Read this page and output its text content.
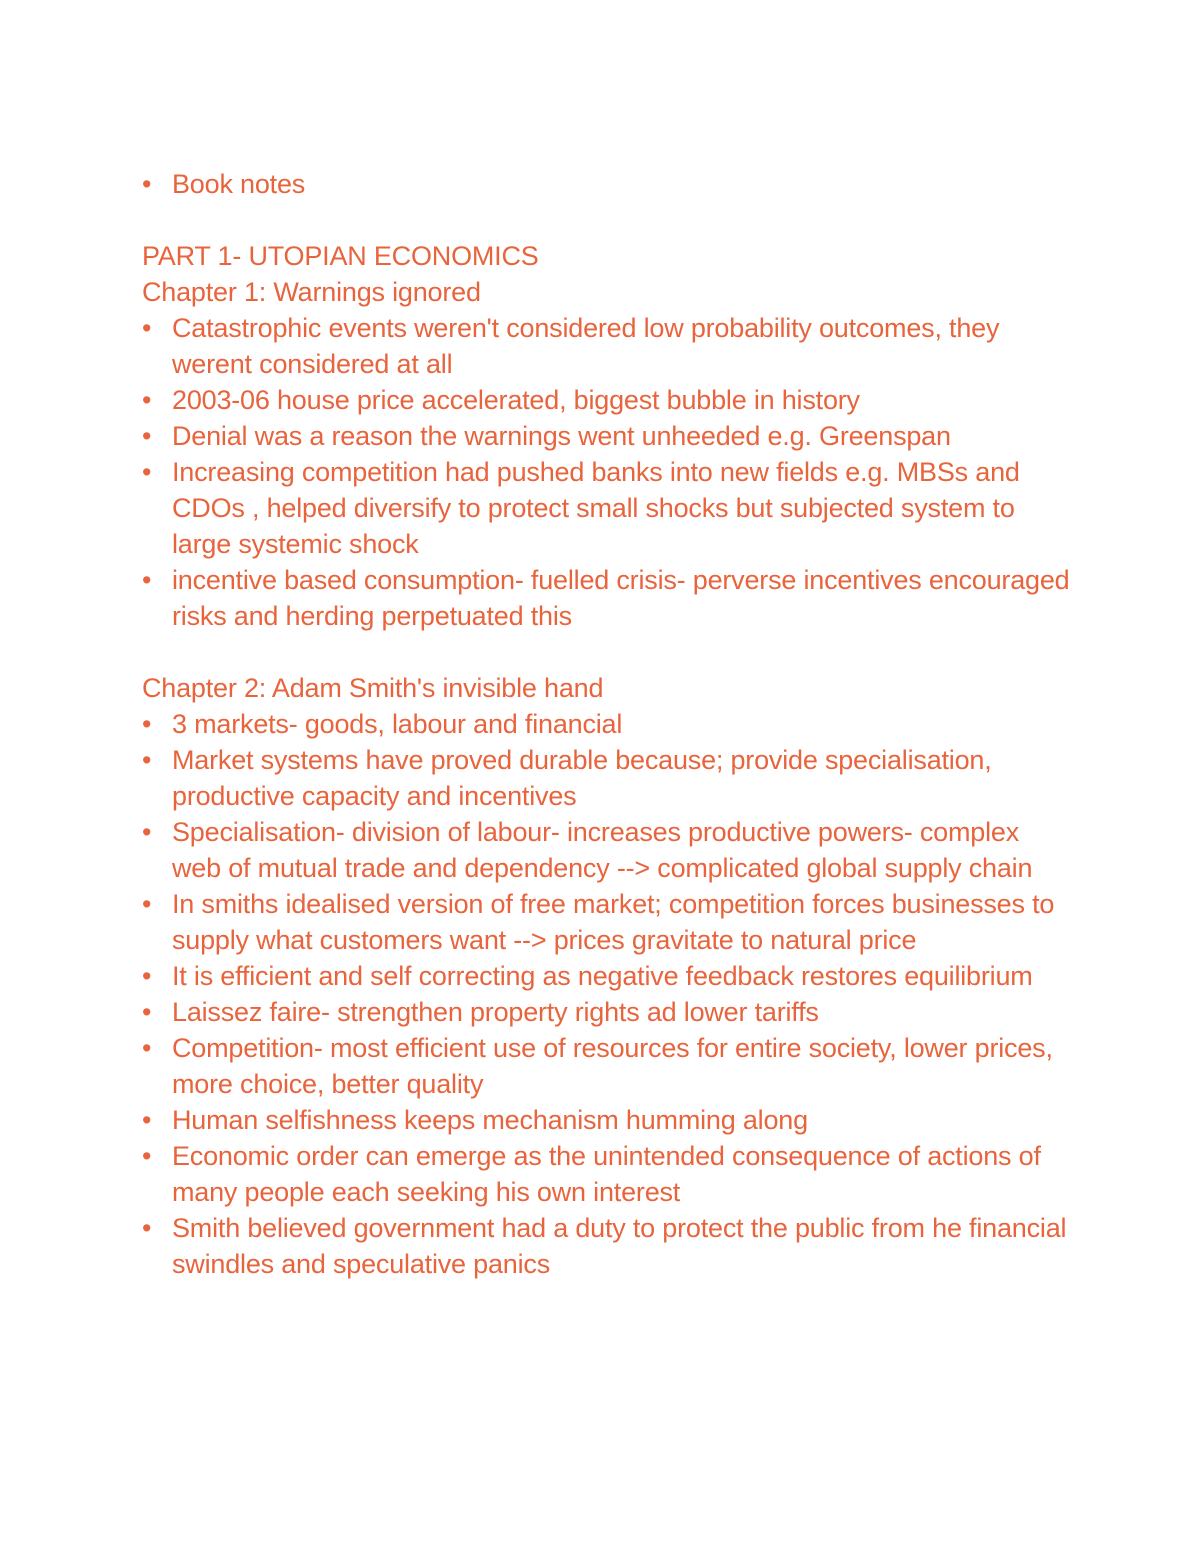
• Book notes
PART 1- UTOPIAN ECONOMICS
Chapter 1: Warnings ignored
• Catastrophic events weren't considered low probability outcomes, they werent considered at all
• 2003-06 house price accelerated, biggest bubble in history
• Denial was a reason the warnings went unheeded e.g. Greenspan
• Increasing competition had pushed banks into new fields e.g. MBSs and CDOs , helped diversify to protect small shocks but subjected system to large systemic shock
• incentive based consumption- fuelled crisis- perverse incentives encouraged risks and herding perpetuated this
Chapter 2: Adam Smith's invisible hand
• 3 markets- goods, labour and financial
• Market systems have proved durable because; provide specialisation, productive capacity and incentives
• Specialisation- division of labour- increases productive powers- complex web of mutual trade and dependency --> complicated global supply chain
• In smiths idealised version of free market; competition forces businesses to supply what customers want --> prices gravitate to natural price
• It is efficient and self correcting as negative feedback restores equilibrium
• Laissez faire- strengthen property rights ad lower tariffs
• Competition- most efficient use of resources for entire society, lower prices, more choice, better quality
• Human selfishness keeps mechanism humming along
• Economic order can emerge as the unintended consequence of actions of many people each seeking his own interest
• Smith believed government had a duty to protect the public from he financial swindles and speculative panics
